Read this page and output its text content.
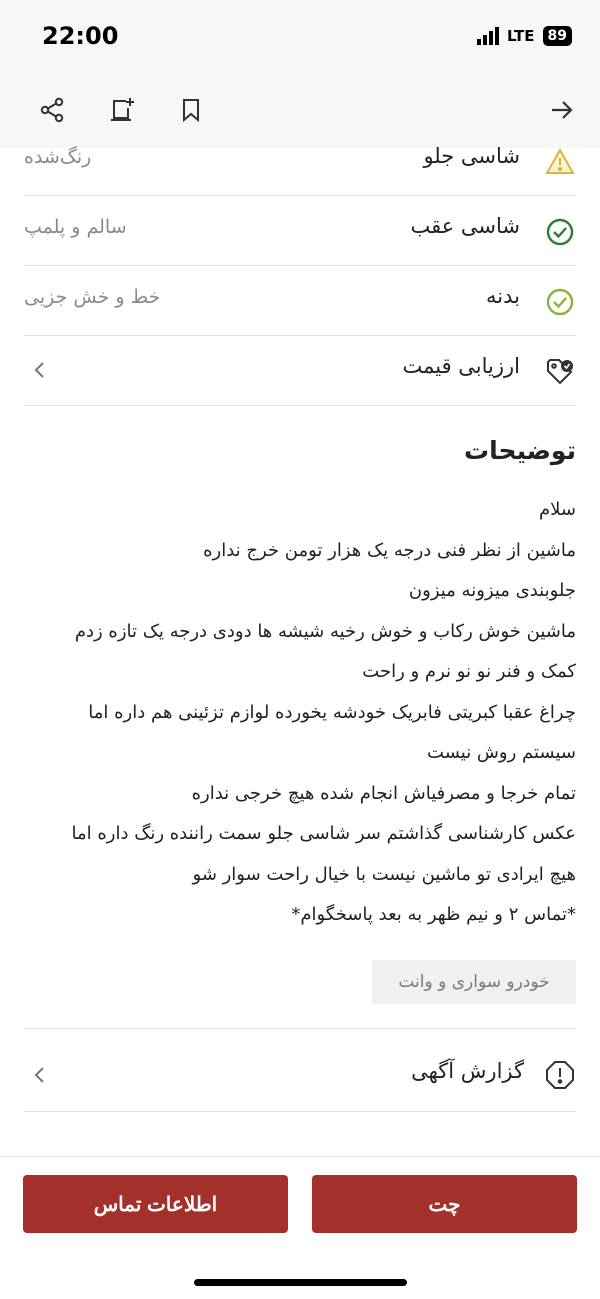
22:00	LTE 89
شاسی جلو
رنگ‌شده
شاسی عقب
سالم و پلمپ
بدنه
خط و خش جزیی
ارزیابی قیمت
توضیحات
سلام
ماشین از نظر فنی درجه یک هزار تومن خرج نداره
جلوبندی میزونه میزون
ماشین خوش رکاب و خوش رخیه شیشه ها دودی درجه یک تازه زدم
کمک و فنر نو نو نرم و راحت
چراغ عقبا کبریتی فابریک خودشه یخورده لوازم تزئینی هم داره اما
سیستم روش نیست
تمام خرجا و مصرفیاش انجام شده هیچ خرجی نداره
عکس کارشناسی گذاشتم سر شاسی جلو سمت راننده رنگ داره اما
هیچ ایرادی تو ماشین نیست با خیال راحت سوار شو
*تماس ۲ و نیم ظهر به بعد پاسخگوام*
خودرو سواری و وانت
گزارش آگهی
چت
اطلاعات تماس
